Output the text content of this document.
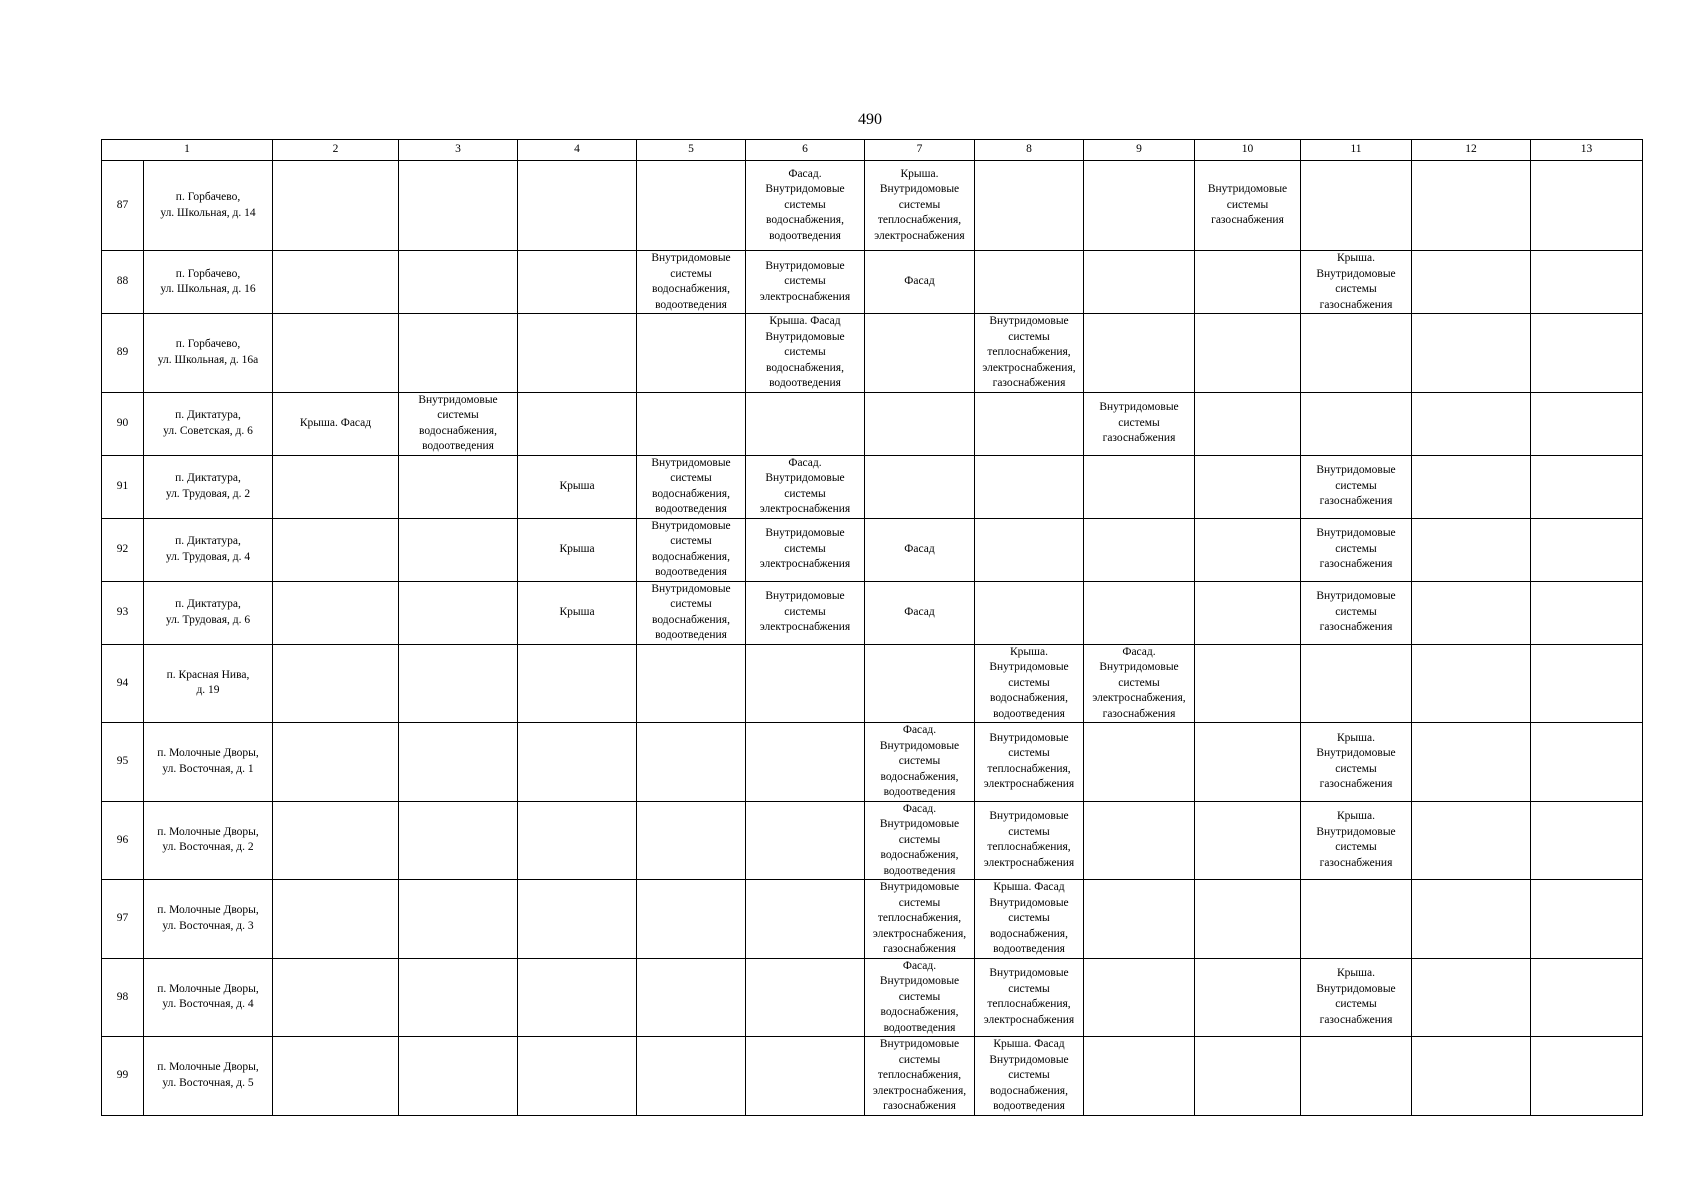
490
1		2	3	4	5	6	7	8	9	10	11	12	13
87	п. Горбачево,
ул. Школьная, д. 14					Фасад.
Внутридомовые
системы
водоснабжения,
водоотведения	Крыша.
Внутридомовые
системы
теплоснабжения,
электроснабжения			Внутридомовые
системы
газоснабжения			
88	п. Горбачево,
ул. Школьная, д. 16				Внутридомовые
системы
водоснабжения,
водоотведения	Внутридомовые
системы
электроснабжения	Фасад				Крыша.
Внутридомовые
системы
газоснабжения		
89	п. Горбачево,
ул. Школьная, д. 16а					Крыша. Фасад
Внутридомовые
системы
водоснабжения,
водоотведения		Внутридомовые
системы
теплоснабжения,
электроснабжения,
газоснабжения					
90	п. Диктатура,
ул. Советская, д. 6	Крыша. Фасад	Внутридомовые
системы
водоснабжения,
водоотведения						Внутридомовые
системы
газоснабжения				
91	п. Диктатура,
ул. Трудовая, д. 2			Крыша	Внутридомовые
системы
водоснабжения,
водоотведения	Фасад.
Внутридомовые
системы
электроснабжения					Внутридомовые
системы
газоснабжения		
92	п. Диктатура,
ул. Трудовая, д. 4			Крыша	Внутридомовые
системы
водоснабжения,
водоотведения	Внутридомовые
системы
электроснабжения	Фасад				Внутридомовые
системы
газоснабжения		
93	п. Диктатура,
ул. Трудовая, д. 6			Крыша	Внутридомовые
системы
водоснабжения,
водоотведения	Внутридомовые
системы
электроснабжения	Фасад				Внутридомовые
системы
газоснабжения		
94	п. Красная Нива,
д. 19							Крыша.
Внутридомовые
системы
водоснабжения,
водоотведения	Фасад.
Внутридомовые
системы
электроснабжения,
газоснабжения				
95	п. Молочные Дворы,
ул. Восточная, д. 1						Фасад.
Внутридомовые
системы
водоснабжения,
водоотведения	Внутридомовые
системы
теплоснабжения,
электроснабжения			Крыша.
Внутридомовые
системы
газоснабжения		
96	п. Молочные Дворы,
ул. Восточная, д. 2						Фасад.
Внутридомовые
системы
водоснабжения,
водоотведения	Внутридомовые
системы
теплоснабжения,
электроснабжения			Крыша.
Внутридомовые
системы
газоснабжения		
97	п. Молочные Дворы,
ул. Восточная, д. 3						Внутридомовые
системы
теплоснабжения,
электроснабжения,
газоснабжения	Крыша. Фасад
Внутридомовые
системы
водоснабжения,
водоотведения					
98	п. Молочные Дворы,
ул. Восточная, д. 4						Фасад.
Внутридомовые
системы
водоснабжения,
водоотведения	Внутридомовые
системы
теплоснабжения,
электроснабжения			Крыша.
Внутридомовые
системы
газоснабжения		
99	п. Молочные Дворы,
ул. Восточная, д. 5						Внутридомовые
системы
теплоснабжения,
электроснабжения,
газоснабжения	Крыша. Фасад
Внутридомовые
системы
водоснабжения,
водоотведения					
